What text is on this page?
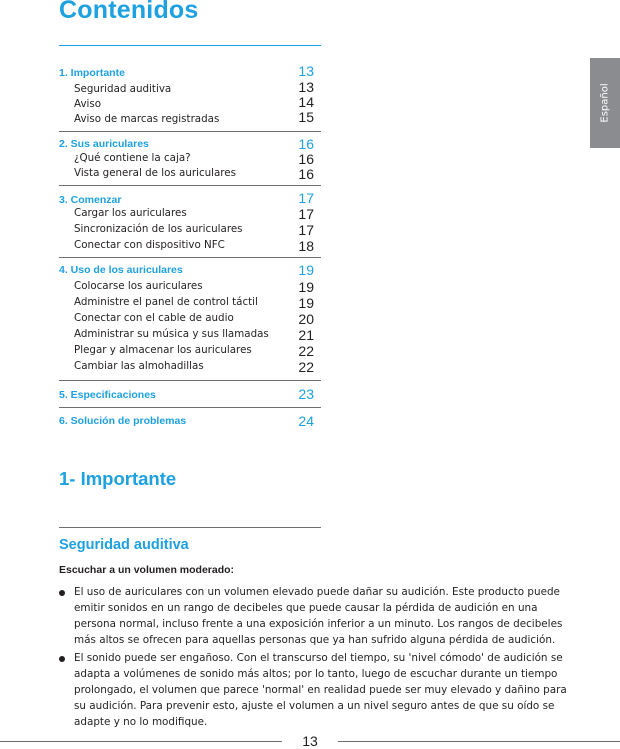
Contenidos
Español
1. Importante	13
Seguridad auditiva	13
Aviso	14
Aviso de marcas registradas	15
2. Sus auriculares	16
¿Qué contiene la caja?	16
Vista general de los auriculares	16
3. Comenzar	17
Cargar los auriculares	17
Sincronización de los auriculares	17
Conectar con dispositivo NFC	18
4. Uso de los auriculares	19
Colocarse los auriculares	19
Administre el panel de control táctil	19
Conectar con el cable de audio	20
Administrar su música y sus llamadas 21
Plegar y almacenar los auriculares	22
Cambiar las almohadillas	22
5. Especificaciones	23
6. Solución de problemas	24
1- Importante
Seguridad auditiva

Escuchar a un volumen moderado:

El uso de auriculares con un volumen elevado puede dañar su audición. Este producto puede emitir sonidos en un rango de decibeles que puede causar la pérdida de audición en una persona normal, incluso frente a una exposición inferior a un minuto. Los rangos de decibeles más altos se ofrecen para aquellas personas que ya han sufrido alguna pérdida de audición.

El sonido puede ser engañoso. Con el transcurso del tiempo, su 'nivel cómodo' de audición se adapta a volúmenes de sonido más altos; por lo tanto, luego de escuchar durante un tiempo prolongado, el volumen que parece 'normal' en realidad puede ser muy elevado y dañino para su audición. Para prevenir esto, ajuste el volumen a un nivel seguro antes de que su oído se adapte y no lo modifique.

13
